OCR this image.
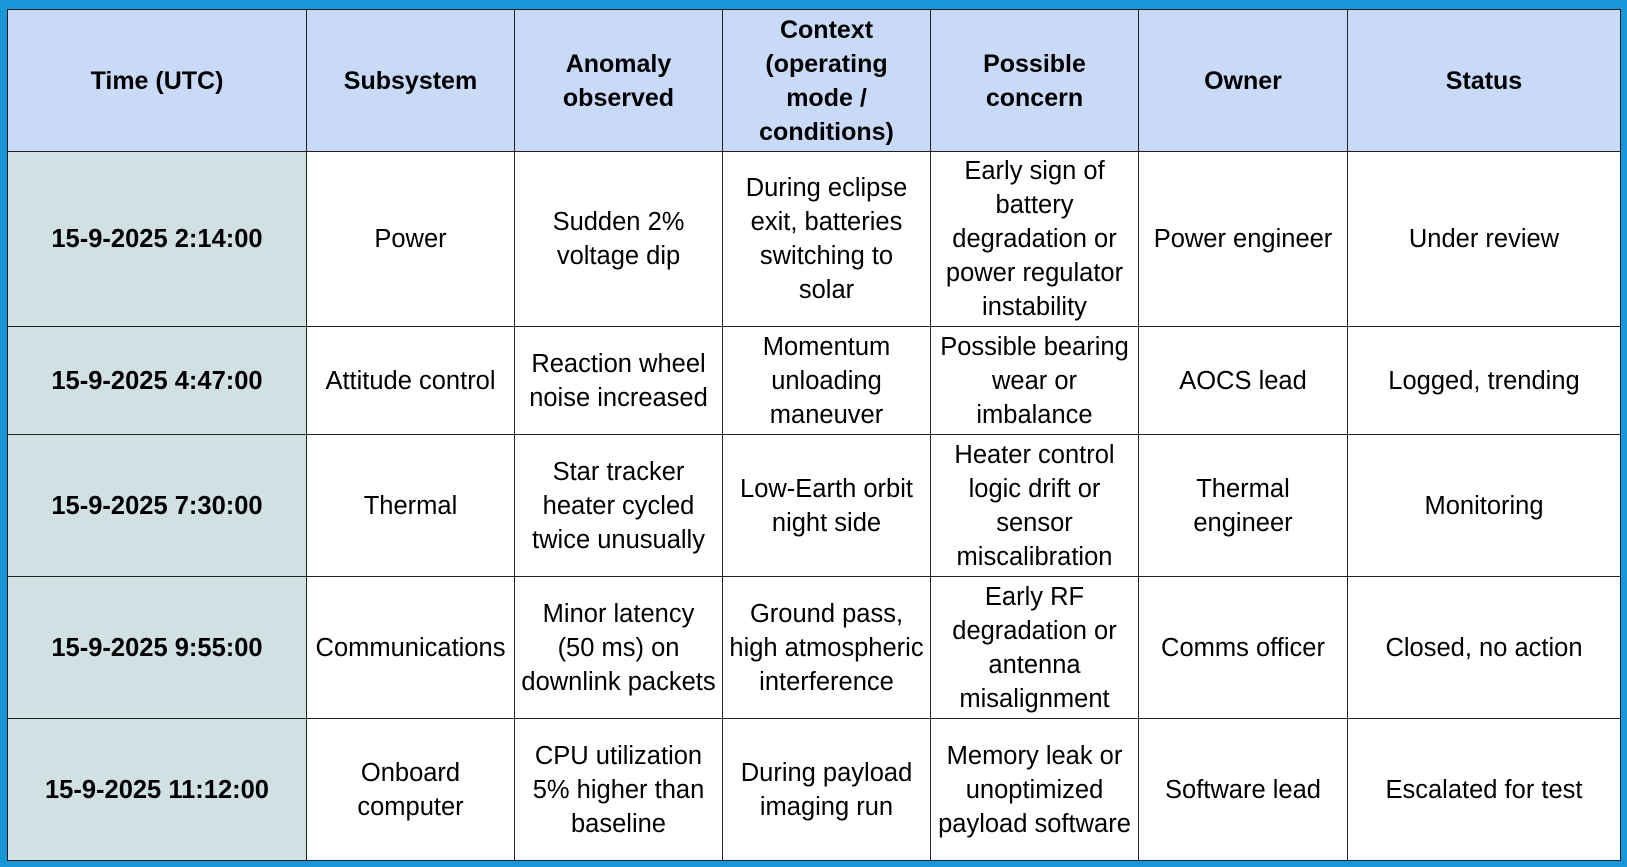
Time (UTC)	Subsystem	Anomaly observed	Context (operating mode / conditions)	Possible concern	Owner	Status
15-9-2025 2:14:00	Power	Sudden 2% voltage dip	During eclipse exit, batteries switching to solar	Early sign of battery degradation or power regulator instability	Power engineer	Under review
15-9-2025 4:47:00	Attitude control	Reaction wheel noise increased	Momentum unloading maneuver	Possible bearing wear or imbalance	AOCS lead	Logged, trending
15-9-2025 7:30:00	Thermal	Star tracker heater cycled twice unusually	Low-Earth orbit night side	Heater control logic drift or sensor miscalibration	Thermal engineer	Monitoring
15-9-2025 9:55:00	Communications	Minor latency (50 ms) on downlink packets	Ground pass, high atmospheric interference	Early RF degradation or antenna misalignment	Comms officer	Closed, no action
15-9-2025 11:12:00	Onboard computer	CPU utilization 5% higher than baseline	During payload imaging run	Memory leak or unoptimized payload software	Software lead	Escalated for test
